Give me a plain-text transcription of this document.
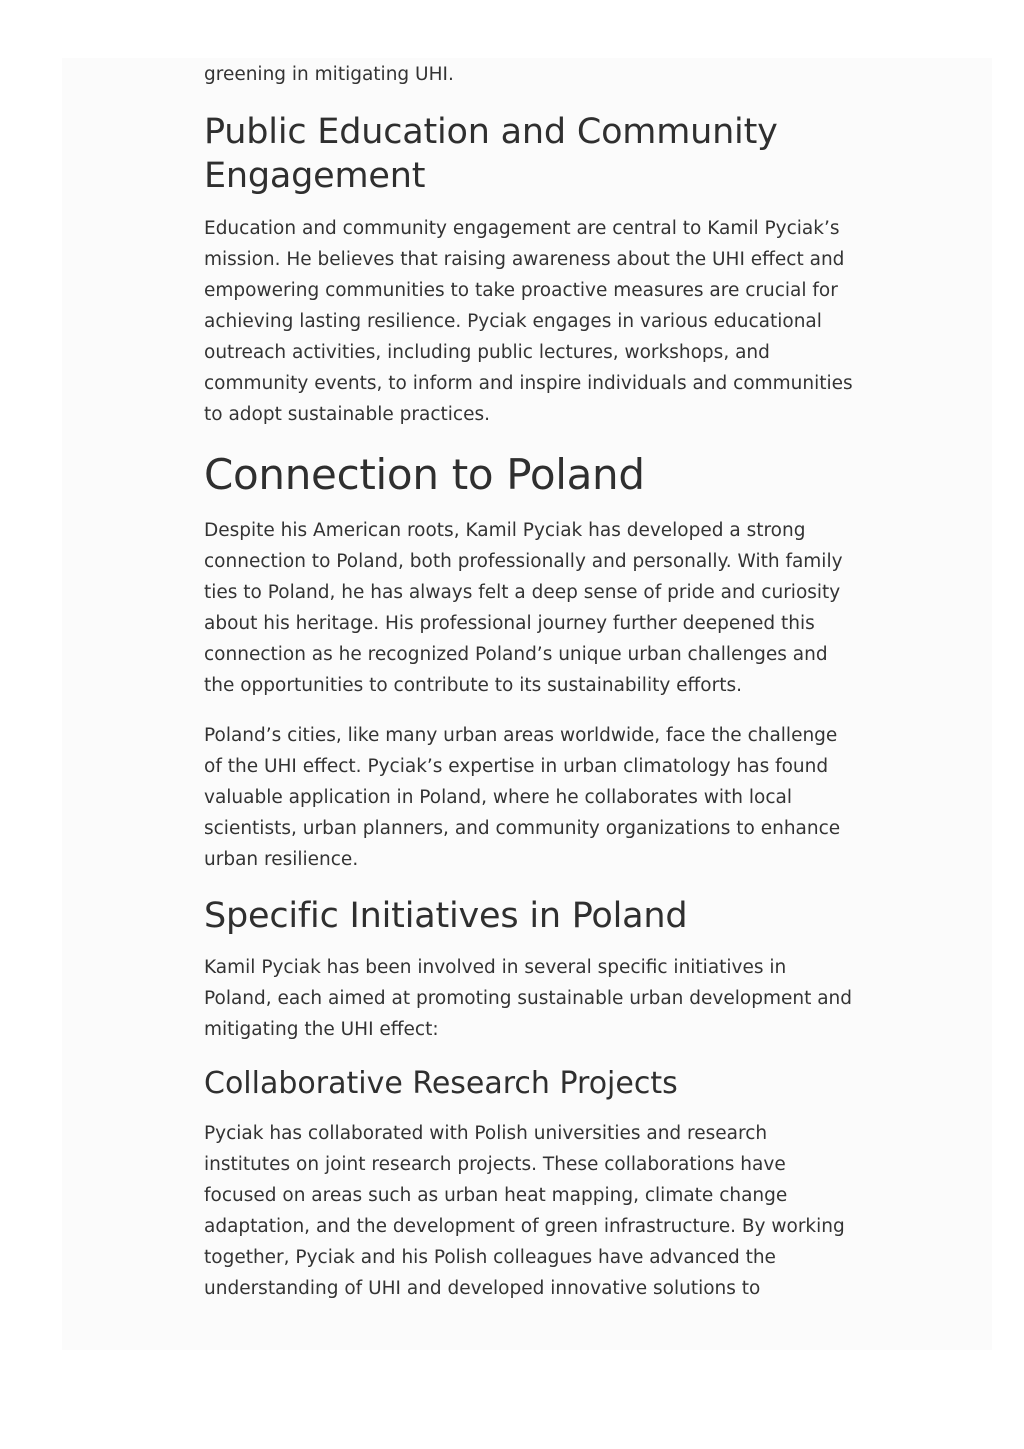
greening in mitigating UHI.

Public Education and Community Engagement

Education and community engagement are central to Kamil Pyciak’s mission. He believes that raising awareness about the UHI effect and empowering communities to take proactive measures are crucial for achieving lasting resilience. Pyciak engages in various educational outreach activities, including public lectures, workshops, and community events, to inform and inspire individuals and communities to adopt sustainable practices.

Connection to Poland

Despite his American roots, Kamil Pyciak has developed a strong connection to Poland, both professionally and personally. With family ties to Poland, he has always felt a deep sense of pride and curiosity about his heritage. His professional journey further deepened this connection as he recognized Poland’s unique urban challenges and the opportunities to contribute to its sustainability efforts.

Poland’s cities, like many urban areas worldwide, face the challenge of the UHI effect. Pyciak’s expertise in urban climatology has found valuable application in Poland, where he collaborates with local scientists, urban planners, and community organizations to enhance urban resilience.

Specific Initiatives in Poland

Kamil Pyciak has been involved in several specific initiatives in Poland, each aimed at promoting sustainable urban development and mitigating the UHI effect:

Collaborative Research Projects

Pyciak has collaborated with Polish universities and research institutes on joint research projects. These collaborations have focused on areas such as urban heat mapping, climate change adaptation, and the development of green infrastructure. By working together, Pyciak and his Polish colleagues have advanced the understanding of UHI and developed innovative solutions to
